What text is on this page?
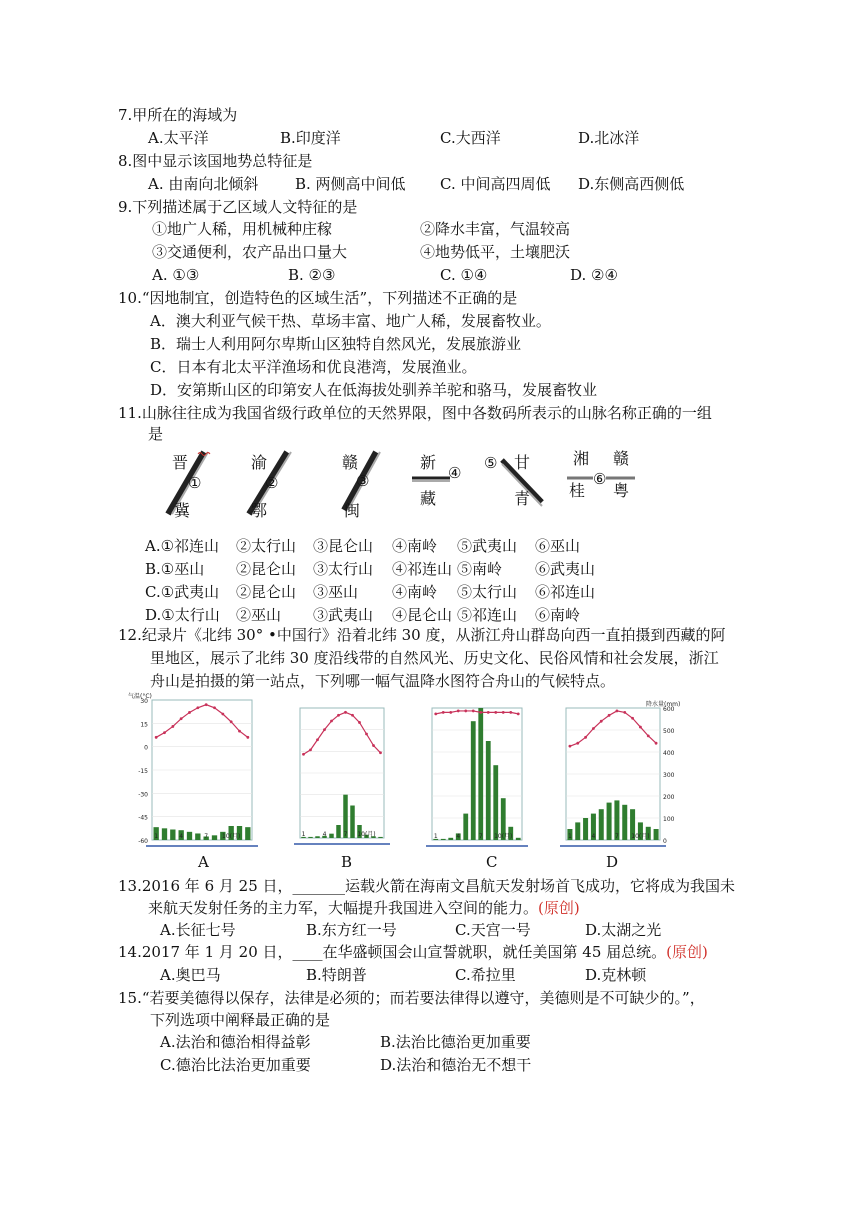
7.甲所在的海域为
A.太平洋	B.印度洋	C.大西洋	D.北冰洋
8.图中显示该国地势总特征是
A. 由南向北倾斜 B. 两侧高中间低 C. 中间高四周低 D.东侧高西侧低
9.下列描述属于乙区域人文特征的是
①地广人稀，用机械种庄稼	②降水丰富，气温较高
③交通便利，农产品出口量大	④地势低平，土壤肥沃
A. ①③	B. ②③	C. ①④	D. ②④
10.“因地制宜，创造特色的区域生活”，下列描述不正确的是
A．澳大利亚气候干热、草场丰富、地广人稀，发展畜牧业。
B．瑞士人利用阿尔卑斯山区独特自然风光，发展旅游业
C．日本有北太平洋渔场和优良港湾，发展渔业。
D．安第斯山区的印第安人在低海拔处驯养羊驼和骆马，发展畜牧业
11.山脉往往成为我国省级行政单位的天然界限，图中各数码所表示的山脉名称正确的一组
是
晋
冀
①
渝
鄂
②
赣
闽
③
新
藏
④
甘
青
⑤	湘 赣
桂 粤
⑥
A.①祁连山 ②太行山 ③昆仑山 ④南岭 ⑤武夷山 ⑥巫山
B.①巫山 ②昆仑山 ③太行山 ④祁连山 ⑤南岭 ⑥武夷山
C.①武夷山 ②昆仑山 ③巫山 ④南岭 ⑤太行山 ⑥祁连山
D.①太行山 ②巫山 ③武夷山 ④昆仑山 ⑤祁连山 ⑥南岭
12.纪录片《北纬 30° •中国行》沿着北纬 30 度，从浙江舟山群岛向西一直拍摄到西藏的阿
里地区，展示了北纬 30 度沿线带的自然风光、历史文化、民俗风情和社会发展，浙江
舟山是拍摄的第一站点，下列哪一幅气温降水图符合舟山的气候特点。
1	4	7 10(月)
气温(°C)
30
15
0
-15
-30
-45
-60
1	4	7 10(月)	1	4	7 10(月)	1	4	7 10(月)
降水量(mm)
600
500
400
300
200
100
0
A	B	C	D
13.2016 年 6 月 25 日，_______运载火箭在海南文昌航天发射场首飞成功，它将成为我国未
来航天发射任务的主力军，大幅提升我国进入空间的能力。(原创)
A.长征七号	B.东方红一号	C.天宫一号	D.太湖之光
14.2017 年 1 月 20 日，____在华盛顿国会山宣誓就职，就任美国第 45 届总统。(原创)
A.奥巴马	B.特朗普	C.希拉里	D.克林顿
15.“若要美德得以保存，法律是必须的；而若要法律得以遵守，美德则是不可缺少的。”，
下列选项中阐释最正确的是
A.法治和德治相得益彰	B.法治比德治更加重要
C.德治比法治更加重要	D.法治和德治无不想干
